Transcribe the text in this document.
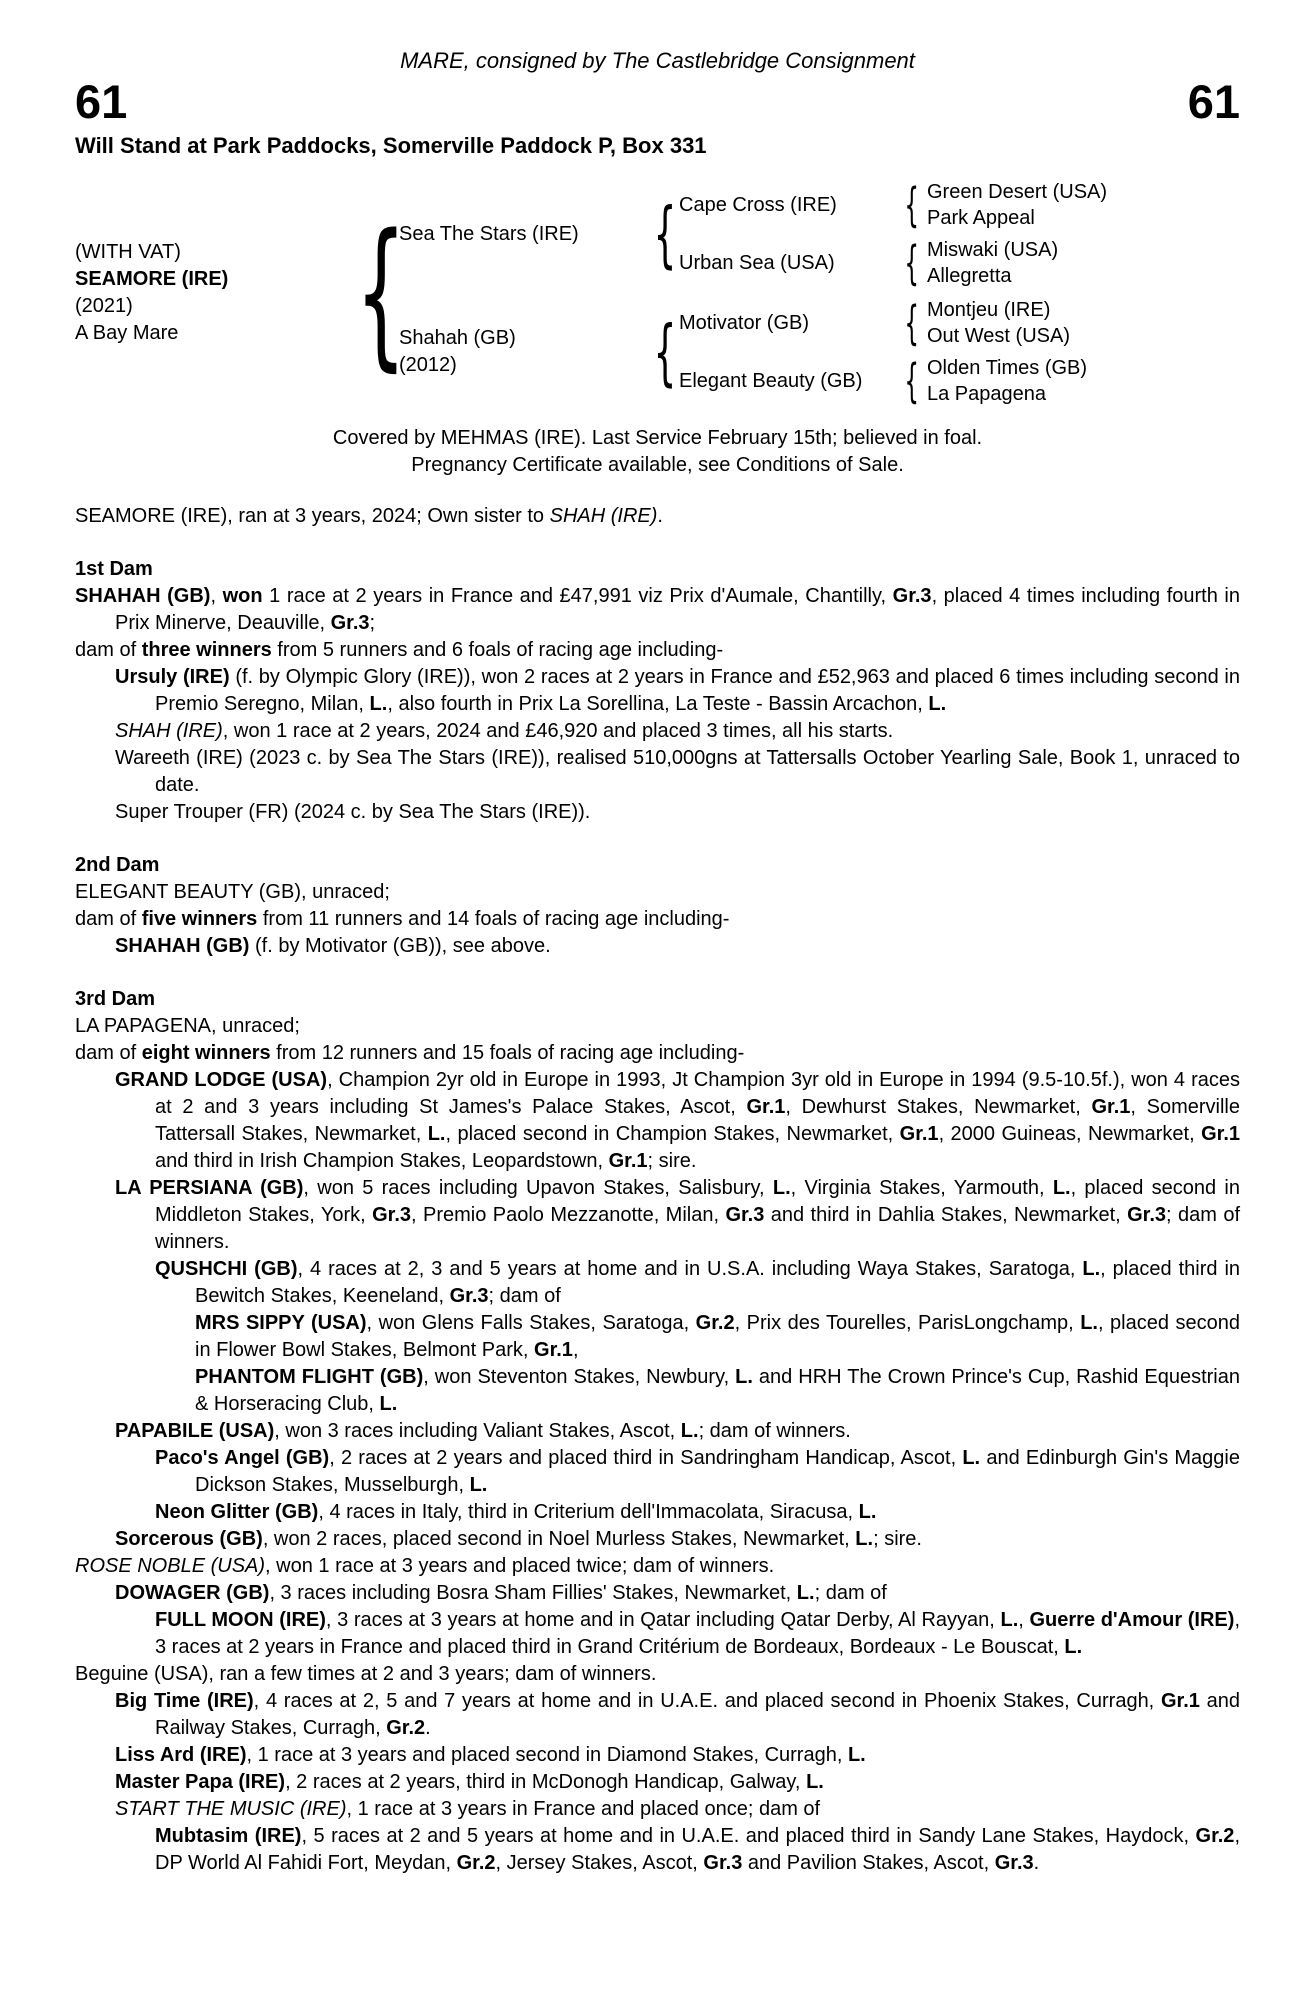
MARE, consigned by The Castlebridge Consignment
61	61
Will Stand at Park Paddocks, Somerville Paddock P, Box 331
(WITH VAT)
SEAMORE (IRE)
(2021)
A Bay Mare	{
Sea The Stars (IRE)	{ Cape Cross (IRE)	{ Green Desert (USA)
Park Appeal
Urban Sea (USA)	{ Miswaki (USA)
Allegretta
Shahah (GB)
(2012)	{ Motivator (GB)	{ Montjeu (IRE)
Out West (USA)
Elegant Beauty (GB) { Olden Times (GB)
La Papagena
Covered by MEHMAS (IRE). Last Service February 15th; believed in foal.
Pregnancy Certificate available, see Conditions of Sale.
SEAMORE (IRE), ran at 3 years, 2024; Own sister to SHAH (IRE).
1st Dam

SHAHAH (GB), won 1 race at 2 years in France and £47,991 viz Prix d'Aumale, Chantilly, Gr.3, placed 4 times including fourth in Prix Minerve, Deauville, Gr.3;

dam of three winners from 5 runners and 6 foals of racing age including-

Ursuly (IRE) (f. by Olympic Glory (IRE)), won 2 races at 2 years in France and £52,963 and placed 6 times including second in Premio Seregno, Milan, L., also fourth in Prix La Sorellina, La Teste - Bassin Arcachon, L.

SHAH (IRE), won 1 race at 2 years, 2024 and £46,920 and placed 3 times, all his starts.

Wareeth (IRE) (2023 c. by Sea The Stars (IRE)), realised 510,000gns at Tattersalls October Yearling Sale, Book 1, unraced to date.

Super Trouper (FR) (2024 c. by Sea The Stars (IRE)).

2nd Dam

ELEGANT BEAUTY (GB), unraced;

dam of five winners from 11 runners and 14 foals of racing age including-

SHAHAH (GB) (f. by Motivator (GB)), see above.

3rd Dam

LA PAPAGENA, unraced;

dam of eight winners from 12 runners and 15 foals of racing age including-

GRAND LODGE (USA), Champion 2yr old in Europe in 1993, Jt Champion 3yr old in Europe in 1994 (9.5-10.5f.), won 4 races at 2 and 3 years including St James's Palace Stakes, Ascot, Gr.1, Dewhurst Stakes, Newmarket, Gr.1, Somerville Tattersall Stakes, Newmarket, L., placed second in Champion Stakes, Newmarket, Gr.1, 2000 Guineas, Newmarket, Gr.1 and third in Irish Champion Stakes, Leopardstown, Gr.1; sire.

LA PERSIANA (GB), won 5 races including Upavon Stakes, Salisbury, L., Virginia Stakes, Yarmouth, L., placed second in Middleton Stakes, York, Gr.3, Premio Paolo Mezzanotte, Milan, Gr.3 and third in Dahlia Stakes, Newmarket, Gr.3; dam of winners.

QUSHCHI (GB), 4 races at 2, 3 and 5 years at home and in U.S.A. including Waya Stakes, Saratoga, L., placed third in Bewitch Stakes, Keeneland, Gr.3; dam of

MRS SIPPY (USA), won Glens Falls Stakes, Saratoga, Gr.2, Prix des Tourelles, ParisLongchamp, L., placed second in Flower Bowl Stakes, Belmont Park, Gr.1,

PHANTOM FLIGHT (GB), won Steventon Stakes, Newbury, L. and HRH The Crown Prince's Cup, Rashid Equestrian & Horseracing Club, L.

PAPABILE (USA), won 3 races including Valiant Stakes, Ascot, L.; dam of winners.

Paco's Angel (GB), 2 races at 2 years and placed third in Sandringham Handicap, Ascot, L. and Edinburgh Gin's Maggie Dickson Stakes, Musselburgh, L.

Neon Glitter (GB), 4 races in Italy, third in Criterium dell'Immacolata, Siracusa, L.

Sorcerous (GB), won 2 races, placed second in Noel Murless Stakes, Newmarket, L.; sire.

ROSE NOBLE (USA), won 1 race at 3 years and placed twice; dam of winners.

DOWAGER (GB), 3 races including Bosra Sham Fillies' Stakes, Newmarket, L.; dam of

FULL MOON (IRE), 3 races at 3 years at home and in Qatar including Qatar Derby, Al Rayyan, L., Guerre d'Amour (IRE), 3 races at 2 years in France and placed third in Grand Critérium de Bordeaux, Bordeaux - Le Bouscat, L.

Beguine (USA), ran a few times at 2 and 3 years; dam of winners.

Big Time (IRE), 4 races at 2, 5 and 7 years at home and in U.A.E. and placed second in Phoenix Stakes, Curragh, Gr.1 and Railway Stakes, Curragh, Gr.2.

Liss Ard (IRE), 1 race at 3 years and placed second in Diamond Stakes, Curragh, L.

Master Papa (IRE), 2 races at 2 years, third in McDonogh Handicap, Galway, L.

START THE MUSIC (IRE), 1 race at 3 years in France and placed once; dam of

Mubtasim (IRE), 5 races at 2 and 5 years at home and in U.A.E. and placed third in Sandy Lane Stakes, Haydock, Gr.2, DP World Al Fahidi Fort, Meydan, Gr.2, Jersey Stakes, Ascot, Gr.3 and Pavilion Stakes, Ascot, Gr.3.
